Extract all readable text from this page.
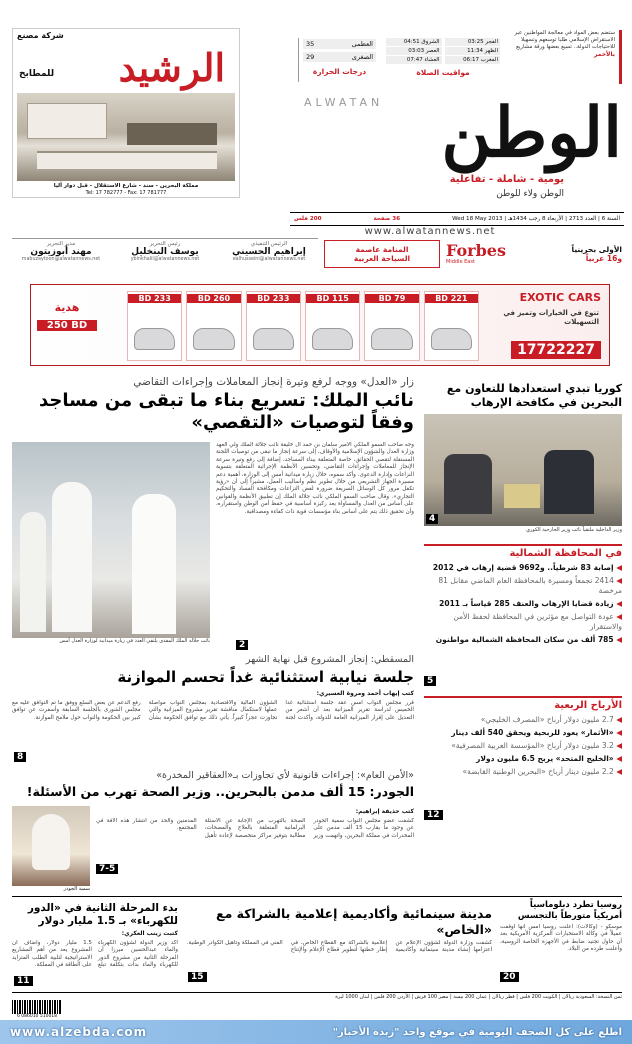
شركة مصنع
الرشيد
للمطابخ
مملكة البحرين - سند - شارع الاستقلال - قبل دوار أليا
Tel: 17 782777 - Fax: 17 781777
العظمى
35
الصغرى
29
درجات الحرارة
الفجر 03:25
الشروق 04:51
الظهر 11:34
العصر 03:03
المغرب 06:17
العشاء 07:47
مواقيت الصلاة
ستضم بعض المواد في معالجة المواطنين عبر الاستقراض الإسلامي طلبا توسعهم وتسهيلا للاحتياجات الدولة.. تسيع بعضها ورقة مشاريع
بالأحمر
ALWATAN الوطن
يومية - شاملة - تفاعلية
الوطن ولاء للوطن
السنة 6 | العدد 2713 | الأربعاء 8 رجب 1434هـ | Wed 18 May 2013
36 صفحة
200 فلس
www.alwatannews.net
الرئيس التنفيذي
إبراهيم الحسيني
ealhusseini@alwatannews.net
رئيس التحرير
يوسف البنخليل
ybinkhalil@alwatannews.net
مدير التحرير
مهند أبوزيتون
mabuzaytoon@alwatannews.net
المنامة عاصمة السياحة العربية
الأولى بحرينياً
و16 عربياً
Forbes
Middle East
EXOTIC CARS
تنوع في الخيارات وتميز في التسهيلات
17722227
هدية
250 BD
BD 233	BD 260	BD 233	BD 115	BD 79	BD 221
زار «العدل» ووجه لرفع وتيرة إنجاز المعاملات وإجراءات التقاضي
نائب الملك: تسريع بناء ما تبقى من مساجد وفقاً لتوصيات «التقصي»
وجه صاحب السمو الملكي الأمير سلمان بن حمد آل خليفة نائب جلالة الملك ولي العهد وزارة العدل والشؤون الإسلامية والأوقاف، إلى سرعة إنجاز ما تبقى من توصيات اللجنة المستقلة لتقصي الحقائق، خاصة المتعلقة ببناء المساجد، إضافة إلى رفع وتيرة سرعة الإنجاز للمعاملات وإجراءات التقاضي، وتحسين الأنظمة الإجرائية المتعلقة بتسوية النزاعات وإدارة الدعوى. وأكد سموه، خلال زيارة ميدانية أمس إلى الوزارة، أهمية دعم مسيرة الجهاز التشريعي من خلال تطوير نظم وأساليب العمل، مشيراً إلى أن «رؤية تكفل مرور كل الوسائل السريعة ضرورة لفض النزاعات ومكافحة الفساد والتحكيم التجاري». وقال صاحب السمو الملكي نائب جلالة الملك إن تطبيق الأنظمة والقوانين على أساس من العدل والمساواة يعد ركيزة أساسية في حفظ أمن الوطن واستقراره، وأن تحقيق ذلك يتم على أساس بناء مؤسسات قوية ذات كفاءة ومصداقية.
نائب جلالة الملك المفدى يلتقي العدد في زيارة ميدانية لوزارة العدل أمس	2
كوريا تبدي استعدادها للتعاون مع البحرين في مكافحة الإرهاب
4
وزير الداخلية ملتقياً نائب وزير الخارجية الكوري
في المحافظة الشمالية
◀ إصابة 83 شرطياً.. و9692 قضية إرهاب في 2012
◀ 2414 تجمعاً ومسيرة بالمحافظة العام الماضي مقابل 81 مرخصة
◀ زيادة قضايا الإرهاب والعنف 285 قياساً بـ 2011
◀ عودة التواصل مع مؤثرين في المحافظة لحفظ الأمن والاستقرار
◀ 785 ألف من سكان المحافظة الشمالية مواطنون
5
المسقطي: إنجاز المشروع قبل نهاية الشهر
جلسة نيابية استثنائية غداً تحسم الموازنة
كتب إيهاب أحمد ومروة العسيري:
قرر مجلس النواب أمس عقد جلسة استثنائية غداً الخميس لدراسة تقرير الميزانية بعد أن أشعر من التعديل على إقرار الميزانية العامة للدولة، وأكدت لجنة الشؤون المالية والاقتصادية بمجلس النواب مواصلة عملها لاستكمال مناقشة تقرير مشروع الميزانية والتي تجاوزت عجزاً كبيراً. يأتي ذلك مع توافق الحكومة بشأن رفع الدعم عن بعض السلع ووفق ما تم التوافق عليه مع مجلس الشورى بالجلسة السابقة وأسفرت عن توافق كبير بين الحكومة والنواب حول ملامح الموازنة.
8
الأرباح الربعية
◀ 2.7 مليون دولار أرباح «المصرف الخليجي»
◀ «الأثمار» يعود للربحية ويحقق 540 ألف دينار
◀ 3.2 مليون دولار أرباح «المؤسسة العربية المصرفية»
◀ «الخليج المتحد» يربح 6.5 مليون دولار
◀ 2.2 مليون دينار أرباح «البحرين الوطنية القابضة»
12
«الأمن العام»: إجراءات قانونية لأي تجاوزات بـ«العقاقير المخدرة»
الجودر: 15 ألف مدمن بالبحرين.. وزير الصحة تهرب من الأسئلة!
كتب حذيفة إبراهيم:
كشفت عضو مجلس النواب سمية الجودر عن وجود ما يقارب 15 ألف مدمن على المخدرات في مملكة البحرين، واتهمت وزير الصحة بالتهرب من الإجابة عن الأسئلة البرلمانية المتعلقة بالعلاج والمصحات، مطالبة بتوفير مراكز متخصصة لإعادة تأهيل المدمنين والحد من انتشار هذه الآفة في المجتمع.
سمية الجودر
7-5
روسيا تطرد دبلوماسياً أمريكياً متورطاً بالتجسس
موسكو - (وكالات): أعلنت روسيا أمس أنها أوقفت عميلاً في وكالة الاستخبارات المركزية الأمريكية بعد أن حاول تجنيد ضابط في الأجهزة الخاصة الروسية، وأعلنت طرده من البلاد.
20
مدينة سينمائية وأكاديمية إعلامية بالشراكة مع «الخاص»
كشفت وزارة الدولة لشؤون الإعلام عن اعتزامها إنشاء مدينة سينمائية وأكاديمية إعلامية بالشراكة مع القطاع الخاص، في إطار خطتها لتطوير قطاع الإعلام والإنتاج الفني في المملكة وتأهيل الكوادر الوطنية.
15
بدء المرحلة الثانية في «الدور للكهرباء» بـ 1.5 مليار دولار
كتبت زينب العكري:
أكد وزير الدولة لشؤون الكهرباء والماء عبدالحسين ميرزا أن المرحلة الثانية من مشروع الدور للكهرباء والماء بدأت بتكلفة تبلغ 1.5 مليار دولار، وأضاف أن المشروع يعد من أهم المشاريع الاستراتيجية لتلبية الطلب المتزايد على الطاقة في المملكة.
11
ثمن النسخة: السعودية ريالان | الكويت 200 فلس | قطر ريالان | عمان 200 بيسة | مصر 100 قرش | الأردن 200 فلس | لبنان 1000 ليرة
6 086010 510018
اطلع على كل الصحف اليومية في موقع واحد "زبدة الأخبار"
www.alzebda.com
